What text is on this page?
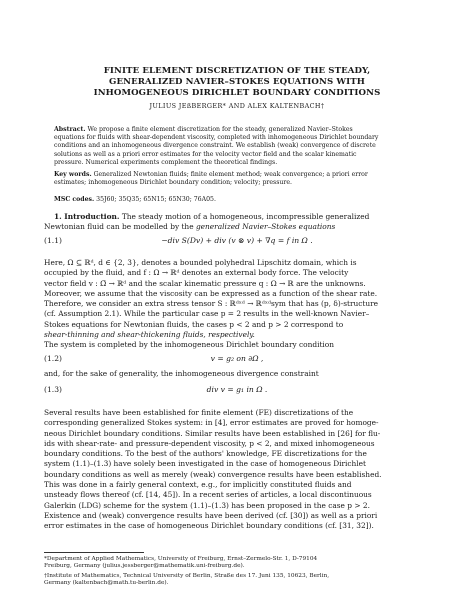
FINITE ELEMENT DISCRETIZATION OF THE STEADY,
GENERALIZED NAVIER–STOKES EQUATIONS WITH
INHOMOGENEOUS DIRICHLET BOUNDARY CONDITIONS
JULIUS JEßBERGER* AND ALEX KALTENBACH†
Abstract. We propose a finite element discretization for the steady, generalized Navier–Stokes
equations for fluids with shear-dependent viscosity, completed with inhomogeneous Dirichlet boundary
conditions and an inhomogeneous divergence constraint. We establish (weak) convergence of discrete
solutions as well as a priori error estimates for the velocity vector field and the scalar kinematic
pressure. Numerical experiments complement the theoretical findings.
Key words. Generalized Newtonian fluids; finite element method; weak convergence; a priori error
estimates; inhomogeneous Dirichlet boundary condition; velocity; pressure.
MSC codes. 35J60; 35Q35; 65N15; 65N30; 76A05.
1. Introduction. The steady motion of a homogeneous, incompressible generalized
Newtonian fluid can be modelled by the generalized Navier–Stokes equations
−div S(Dv) + div (v ⊗ v) + ∇q = f in Ω .
(1.1)
Here, Ω ⊆ ℝᵈ, d ∈ {2, 3}, denotes a bounded polyhedral Lipschitz domain, which is
occupied by the fluid, and f : Ω → ℝᵈ denotes an external body force. The velocity
vector field v : Ω̄ → ℝᵈ and the scalar kinematic pressure q : Ω → ℝ are the unknowns.
Moreover, we assume that the viscosity can be expressed as a function of the shear rate.
Therefore, we consider an extra stress tensor S : ℝᵈˣᵈ → ℝᵈˣᵈsym that has (p, δ)-structure
(cf. Assumption 2.1). While the particular case p = 2 results in the well-known Navier–
Stokes equations for Newtonian fluids, the cases p < 2 and p > 2 correspond to
shear-thinning and shear-thickening fluids, respectively.
The system is completed by the inhomogeneous Dirichlet boundary condition
v = g₂ on ∂Ω ,
(1.2)
and, for the sake of generality, the inhomogeneous divergence constraint
div v = g₁ in Ω .
(1.3)
Several results have been established for finite element (FE) discretizations of the
corresponding generalized Stokes system: in [4], error estimates are proved for homoge-
neous Dirichlet boundary conditions. Similar results have been established in [26] for flu-
ids with shear-rate- and pressure-dependent viscosity, p < 2, and mixed inhomogeneous
boundary conditions. To the best of the authors' knowledge, FE discretizations for the
system (1.1)–(1.3) have solely been investigated in the case of homogeneous Dirichlet
boundary conditions as well as merely (weak) convergence results have been established.
This was done in a fairly general context, e.g., for implicitly constituted fluids and
unsteady flows thereof (cf. [14, 45]). In a recent series of articles, a local discontinuous
Galerkin (LDG) scheme for the system (1.1)–(1.3) has been proposed in the case p > 2.
Existence and (weak) convergence results have been derived (cf. [30]) as well as a priori
error estimates in the case of homogeneous Dirichlet boundary conditions (cf. [31, 32]).
*Department of Applied Mathematics, University of Freiburg, Ernst–Zermelo-Str. 1, D-79104
Freiburg, Germany (julius.jessberger@mathematik.uni-freiburg.de).
†Institute of Mathematics, Technical University of Berlin, Straße des 17. Juni 135, 10623, Berlin,
Germany (kaltenbach@math.tu-berlin.de).
